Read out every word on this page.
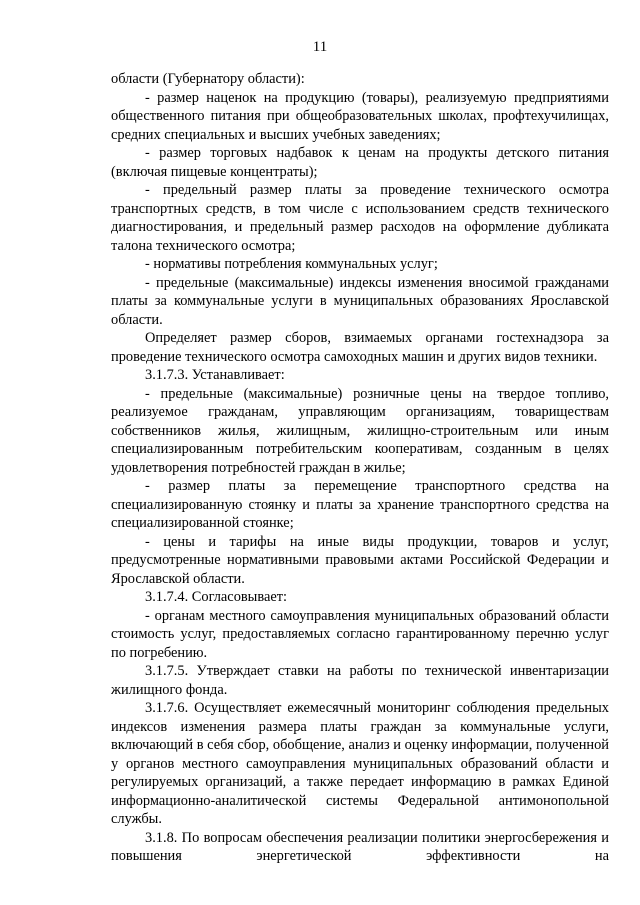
11

области (Губернатору области):

- размер наценок на продукцию (товары), реализуемую предприятиями общественного питания при общеобразовательных школах, профтехучилищах, средних специальных и высших учебных заведениях;

- размер торговых надбавок к ценам на продукты детского питания (включая пищевые концентраты);

- предельный размер платы за проведение технического осмотра транспортных средств, в том числе с использованием средств технического диагностирования, и предельный размер расходов на оформление дубликата талона технического осмотра;

- нормативы потребления коммунальных услуг;

- предельные (максимальные) индексы изменения вносимой гражданами платы за коммунальные услуги в муниципальных образованиях Ярославской области.

Определяет размер сборов, взимаемых органами гостехнадзора за проведение технического осмотра самоходных машин и других видов техники.

3.1.7.3. Устанавливает:

- предельные (максимальные) розничные цены на твердое топливо, реализуемое гражданам, управляющим организациям, товариществам собственников жилья, жилищным, жилищно-строительным или иным специализированным потребительским кооперативам, созданным в целях удовлетворения потребностей граждан в жилье;

- размер платы за перемещение транспортного средства на специализированную стоянку и платы за хранение транспортного средства на специализированной стоянке;

- цены и тарифы на иные виды продукции, товаров и услуг, предусмотренные нормативными правовыми актами Российской Федерации и Ярославской области.

3.1.7.4. Согласовывает:

- органам местного самоуправления муниципальных образований области стоимость услуг, предоставляемых согласно гарантированному перечню услуг по погребению.

3.1.7.5. Утверждает ставки на работы по технической инвентаризации жилищного фонда.

3.1.7.6. Осуществляет ежемесячный мониторинг соблюдения предельных индексов изменения размера платы граждан за коммунальные услуги, включающий в себя сбор, обобщение, анализ и оценку информации, полученной у органов местного самоуправления муниципальных образований области и регулируемых организаций, а также передает информацию в рамках Единой информационно-аналитической системы Федеральной антимонопольной службы.

3.1.8. По вопросам обеспечения реализации политики энергосбережения и повышения энергетической эффективности на
